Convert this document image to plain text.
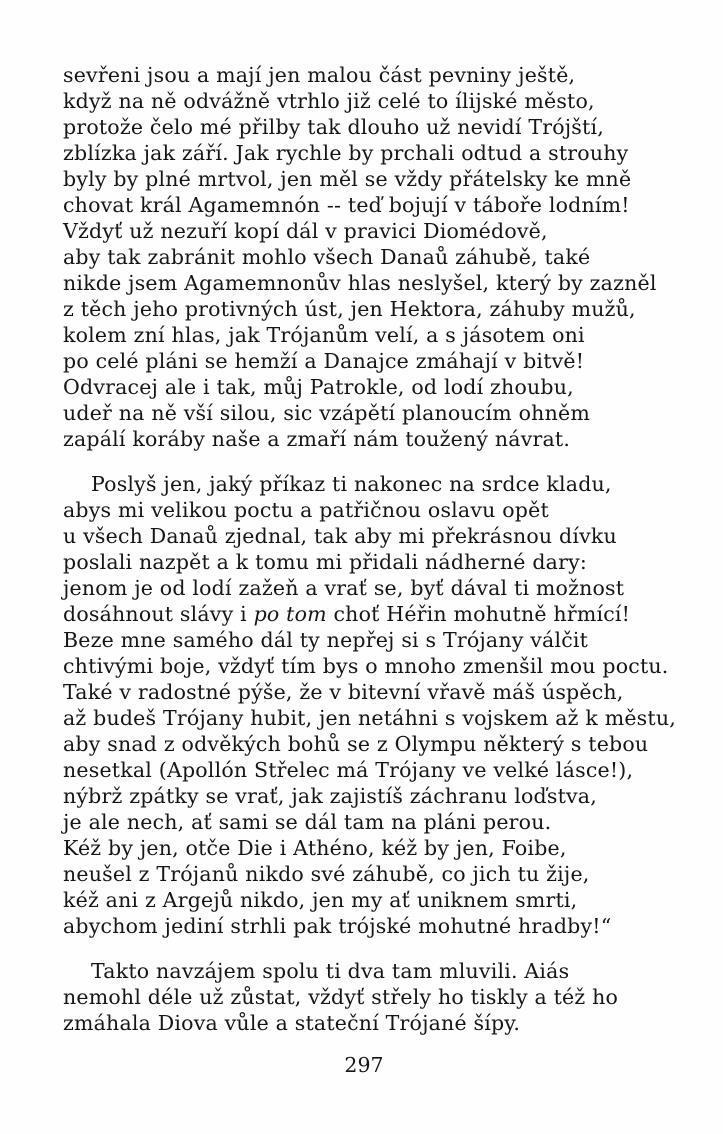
sevřeni jsou a mají jen malou část pevniny ještě,
když na ně odvážně vtrhlo již celé to ílijské město,
protože čelo mé přilby tak dlouho už nevidí Trójští,
zblízka jak září. Jak rychle by prchali odtud a strouhy
byly by plné mrtvol, jen měl se vždy přátelsky ke mně
chovat král Agamemnón -- teď bojují v táboře lodním!
Vždyť už nezuří kopí dál v pravici Diomédově,
aby tak zabránit mohlo všech Danaů záhubě, také
nikde jsem Agamemnonův hlas neslyšel, který by zazněl
z těch jeho protivných úst, jen Hektora, záhuby mužů,
kolem zní hlas, jak Trójanům velí, a s jásotem oni
po celé pláni se hemží a Danajce zmáhají v bitvě!
Odvracej ale i tak, můj Patrokle, od lodí zhoubu,
udeř na ně vší silou, sic vzápětí planoucím ohněm
zapálí koráby naše a zmaří nám toužený návrat.
Poslyš jen, jaký příkaz ti nakonec na srdce kladu,
abys mi velikou poctu a patřičnou oslavu opět
u všech Danaů zjednal, tak aby mi překrásnou dívku
poslali nazpět a k tomu mi přidali nádherné dary:
jenom je od lodí zažeň a vrať se, byť dával ti možnost
dosáhnout slávy i po tom choť Héřin mohutně hřmící!
Beze mne samého dál ty nepřej si s Trójany válčit
chtivými boje, vždyť tím bys o mnoho zmenšil mou poctu.
Také v radostné pýše, že v bitevní vřavě máš úspěch,
až budeš Trójany hubit, jen netáhni s vojskem až k městu,
aby snad z odvěkých bohů se z Olympu některý s tebou
nesetkal (Apollón Střelec má Trójany ve velké lásce!),
nýbrž zpátky se vrať, jak zajistíš záchranu loďstva,
je ale nech, ať sami se dál tam na pláni perou.
Kéž by jen, otče Die i Athéno, kéž by jen, Foibe,
neušel z Trójanů nikdo své záhubě, co jich tu žije,
kéž ani z Argejů nikdo, jen my ať uniknem smrti,
abychom jediní strhli pak trójské mohutné hradby!“
Takto navzájem spolu ti dva tam mluvili. Aiás
nemohl déle už zůstat, vždyť střely ho tiskly a též ho
zmáhala Diova vůle a stateční Trójané šípy.
297
